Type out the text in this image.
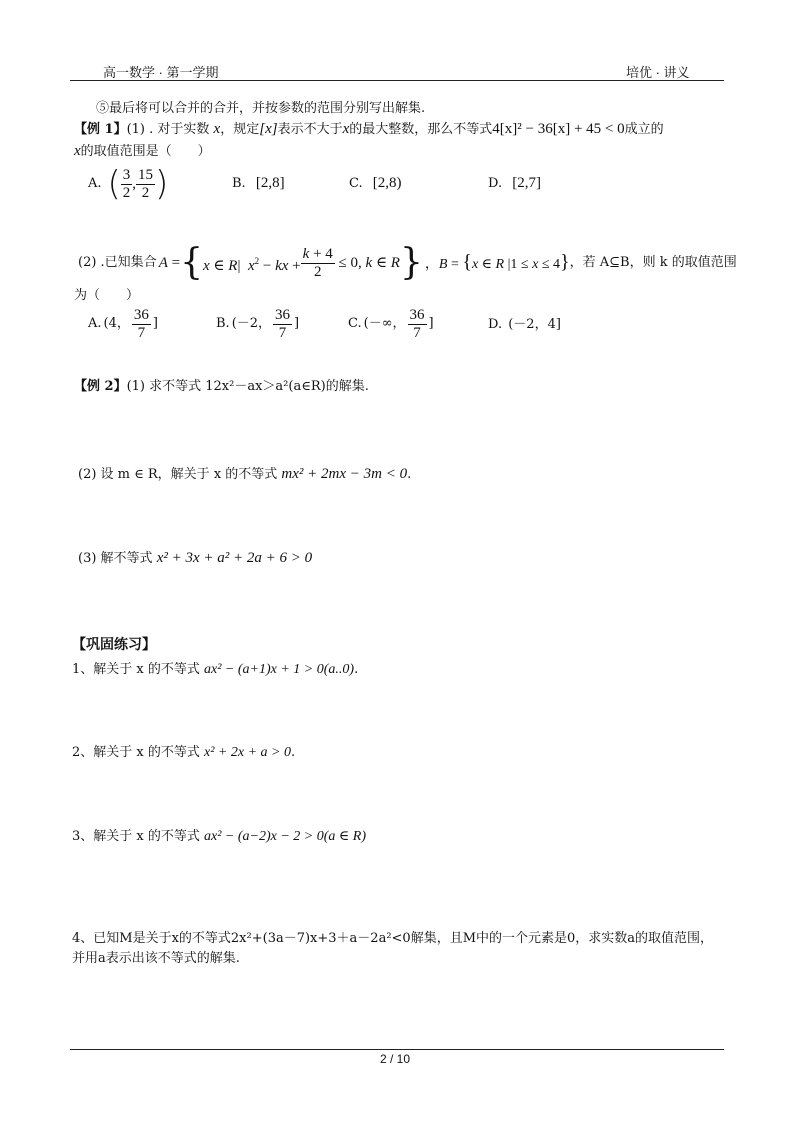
高一数学 · 第一学期	培优 · 讲义
⑤最后将可以合并的合并，并按参数的范围分别写出解集.
【例 1】(1) . 对于实数 x，规定[x]表示不大于x的最大整数，那么不等式4[x]² − 36[x] + 45 < 0成立的
x的取值范围是（　　）
A. ( $\frac{3}{2}$ , $\frac{15}{2}$ )	B. [2,8]	C. [2,8)	D. [2,7]
(2) .已知集合 A = { x ∈ R|  $x^2$ − kx + $\frac{k + 4}{2} \le 0$, k ∈ R } ，B = {x ∈ R |1 ≤ x ≤ 4} ，若 A⊆B，则 k 的取值范围
为（　　）
A. (4， $\frac{36}{7}$ ]	B. (－2， $\frac{36}{7}$ ]	C. (－∞， $\frac{36}{7}$ ]	D. (－2，4]
【例 2】(1) 求不等式 12x²－ax＞a²(a∈R)的解集.
(2) 设 m ∈ R，解关于 x 的不等式 mx² + 2mx − 3m < 0.
(3) 解不等式 x² + 3x + a² + 2a + 6 > 0
【巩固练习】
1、解关于 x 的不等式 ax² − (a+1)x + 1 > 0(a..0).
2、解关于 x 的不等式 x² + 2x + a > 0.
3、解关于 x 的不等式 ax² − (a−2)x − 2 > 0(a ∈ R)
4、已知M是关于x的不等式2x²+(3a－7)x+3＋a－2a²<0解集，且M中的一个元素是0，求实数a的取值范围，
并用a表示出该不等式的解集.
2 / 10
